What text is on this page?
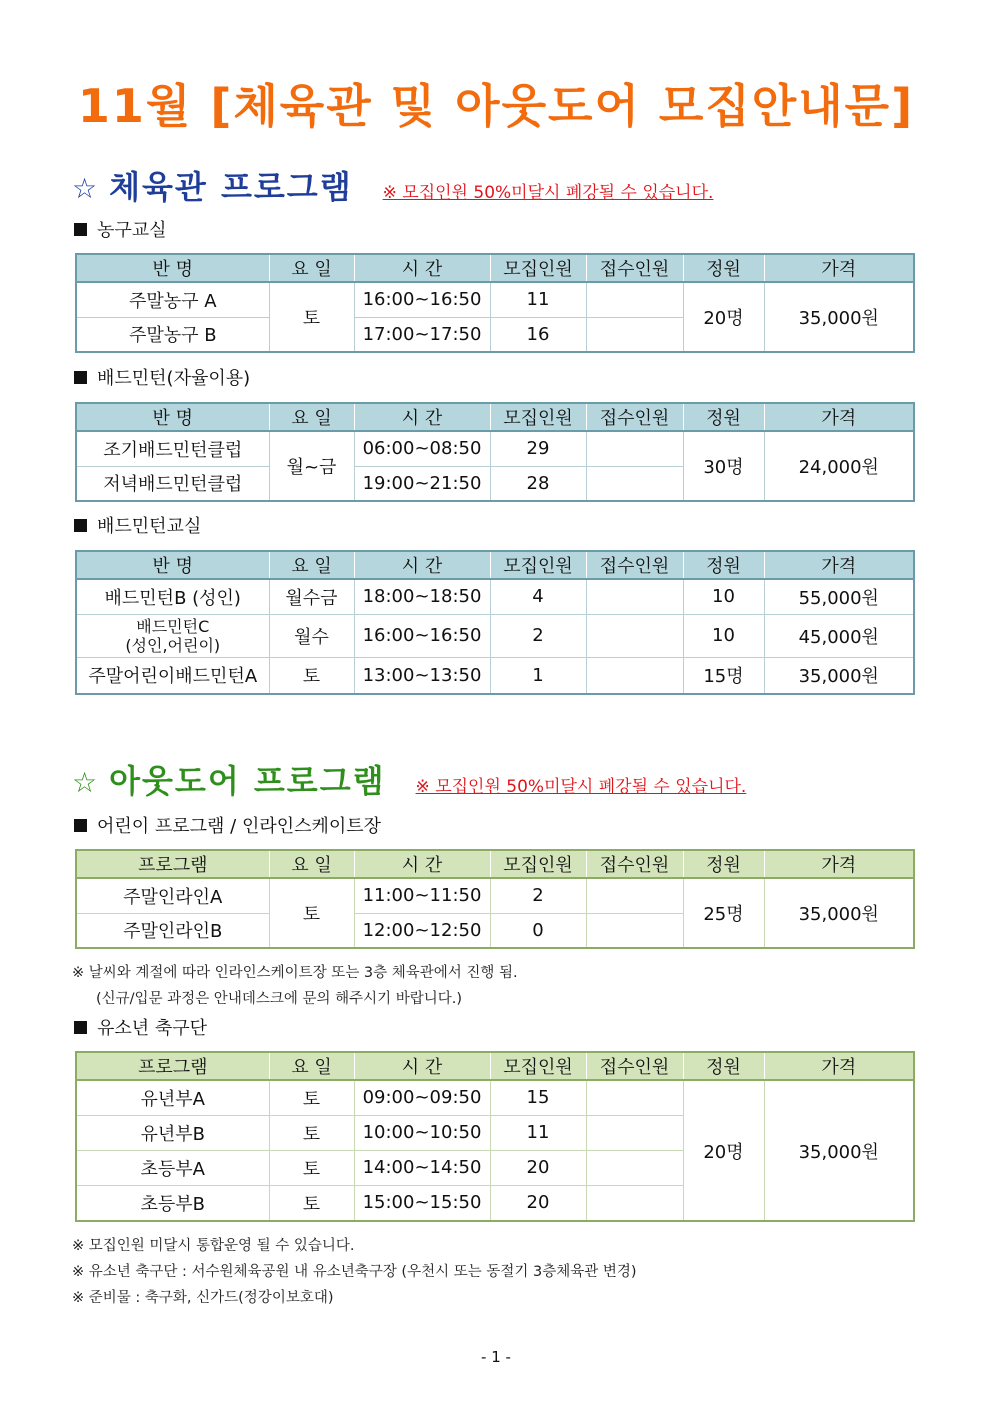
11월 [체육관 및 아웃도어 모집안내문]
☆ 체육관 프로그램 ※ 모집인원 50%미달시 폐강될 수 있습니다.
농구교실
반 명	요 일	시 간	모집인원	접수인원	정원	가격
주말농구 A	토	16:00~16:50	11		20명	35,000원
주말농구 B		17:00~17:50	16			
배드민턴(자율이용)
반 명	요 일	시 간	모집인원	접수인원	정원	가격
조기배드민턴클럽	월~금	06:00~08:50	29		30명	24,000원
저녁배드민턴클럽		19:00~21:50	28			
배드민턴교실
반 명	요 일	시 간	모집인원	접수인원	정원	가격
배드민턴B (성인)	월수금	18:00~18:50	4		10	55,000원

배드민턴C
(성인,어린이)	월수	16:00~16:50	2		10	45,000원
주말어린이배드민턴A	토	13:00~13:50	1		15명	35,000원
☆ 아웃도어 프로그램 ※ 모집인원 50%미달시 폐강될 수 있습니다.
어린이 프로그램 / 인라인스케이트장
프로그램	요 일	시 간	모집인원	접수인원	정원	가격
주말인라인A	토	11:00~11:50	2		25명	35,000원
주말인라인B		12:00~12:50	0			
※ 날씨와 계절에 따라 인라인스케이트장 또는 3층 체육관에서 진행 됨.
(신규/입문 과정은 안내데스크에 문의 해주시기 바랍니다.)
유소년 축구단
프로그램	요 일	시 간	모집인원	접수인원	정원	가격
유년부A	토	09:00~09:50	15		20명	35,000원
유년부B	토	10:00~10:50	11			
초등부A	토	14:00~14:50	20			
초등부B	토	15:00~15:50	20			
※ 모집인원 미달시 통합운영 될 수 있습니다.
※ 유소년 축구단 : 서수원체육공원 내 유소년축구장 (우천시 또는 동절기 3층체육관 변경)
※ 준비물 : 축구화, 신가드(정강이보호대)
- 1 -
